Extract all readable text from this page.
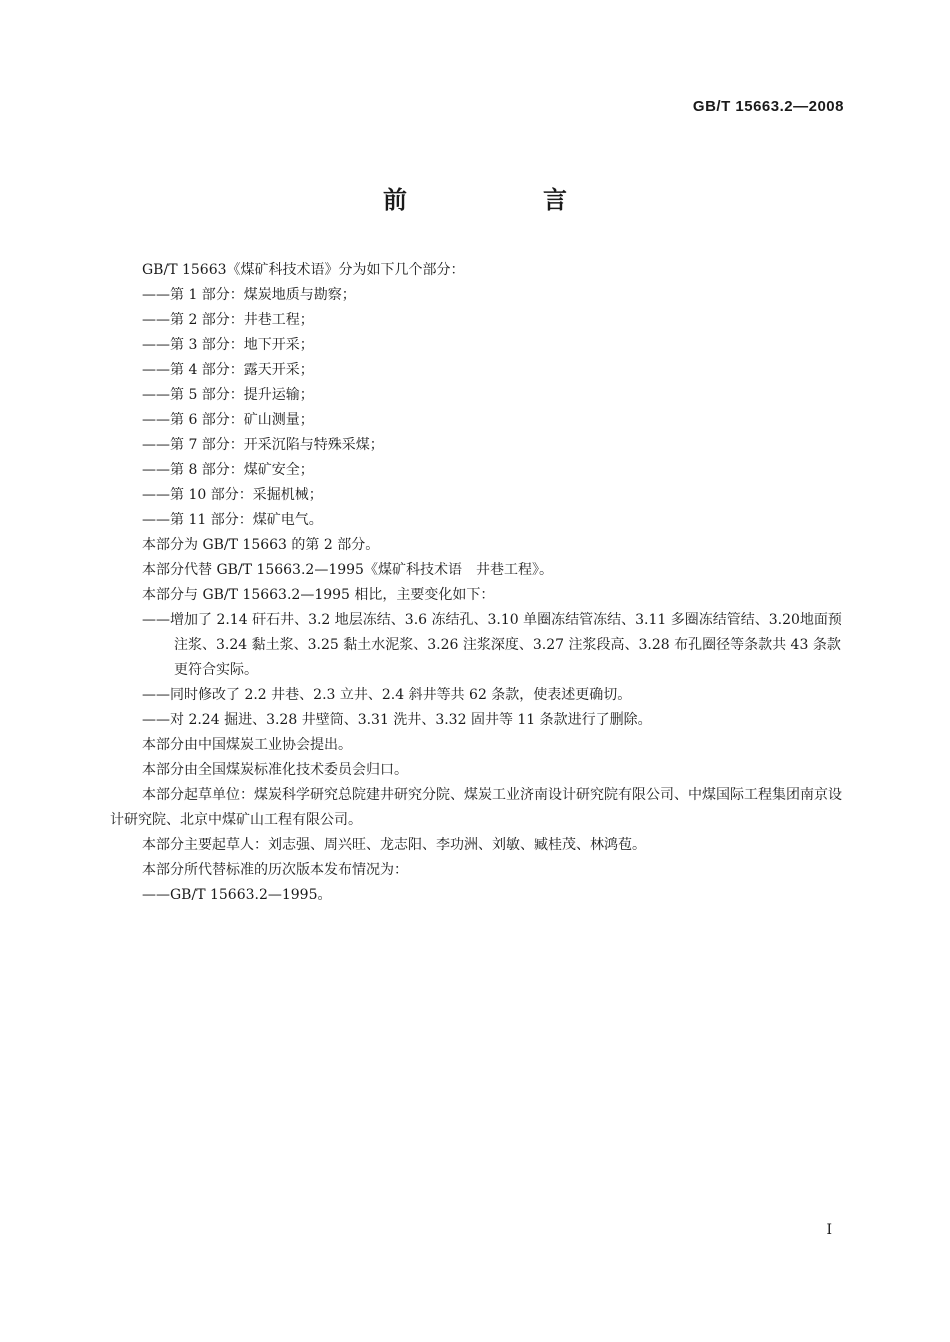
GB/T 15663.2—2008
前　言

GB/T 15663《煤矿科技术语》分为如下几个部分：

——第 1 部分：煤炭地质与勘察；

——第 2 部分：井巷工程；

——第 3 部分：地下开采；

——第 4 部分：露天开采；

——第 5 部分：提升运输；

——第 6 部分：矿山测量；

——第 7 部分：开采沉陷与特殊采煤；

——第 8 部分：煤矿安全；

——第 10 部分：采掘机械；

——第 11 部分：煤矿电气。

本部分为 GB/T 15663 的第 2 部分。

本部分代替 GB/T 15663.2—1995《煤矿科技术语　井巷工程》。

本部分与 GB/T 15663.2—1995 相比，主要变化如下：

——增加了 2.14 矸石井、3.2 地层冻结、3.6 冻结孔、3.10 单圈冻结管冻结、3.11 多圈冻结管结、3.20地面预注浆、3.24 黏土浆、3.25 黏土水泥浆、3.26 注浆深度、3.27 注浆段高、3.28 布孔圈径等条款共 43 条款更符合实际。

——同时修改了 2.2 井巷、2.3 立井、2.4 斜井等共 62 条款，使表述更确切。

——对 2.24 掘进、3.28 井壁筒、3.31 洗井、3.32 固井等 11 条款进行了删除。

本部分由中国煤炭工业协会提出。

本部分由全国煤炭标准化技术委员会归口。

本部分起草单位：煤炭科学研究总院建井研究分院、煤炭工业济南设计研究院有限公司、中煤国际工程集团南京设计研究院、北京中煤矿山工程有限公司。

本部分主要起草人：刘志强、周兴旺、龙志阳、李功洲、刘敏、臧桂茂、林鸿苞。

本部分所代替标准的历次版本发布情况为：

——GB/T 15663.2—1995。

I
